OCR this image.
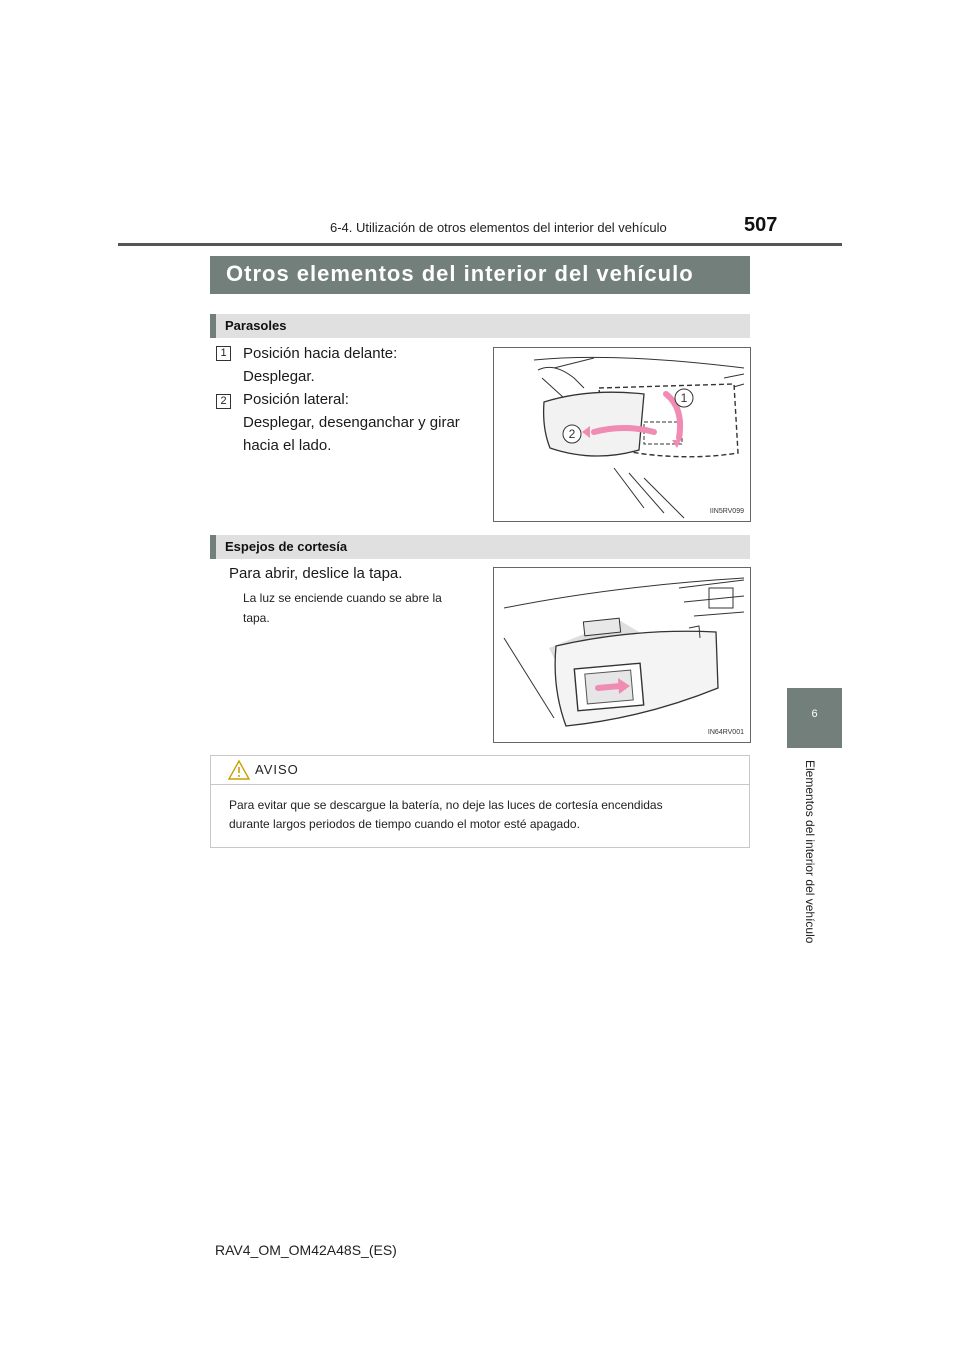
6-4. Utilización de otros elementos del interior del vehículo	507
6
Elementos del interior del vehículo
Otros elementos del interior del vehículo
Parasoles
1 Posición hacia delante:
Desplegar.
2 Posición lateral:
Desplegar, desenganchar y girar
hacia el lado.
1
2
IIN5RV099
Espejos de cortesía
Para abrir, deslice la tapa.
La luz se enciende cuando se abre la
tapa.
IN64RV001
AVISO
Para evitar que se descargue la batería, no deje las luces de cortesía encendidas
durante largos periodos de tiempo cuando el motor esté apagado.
RAV4_OM_OM42A48S_(ES)
